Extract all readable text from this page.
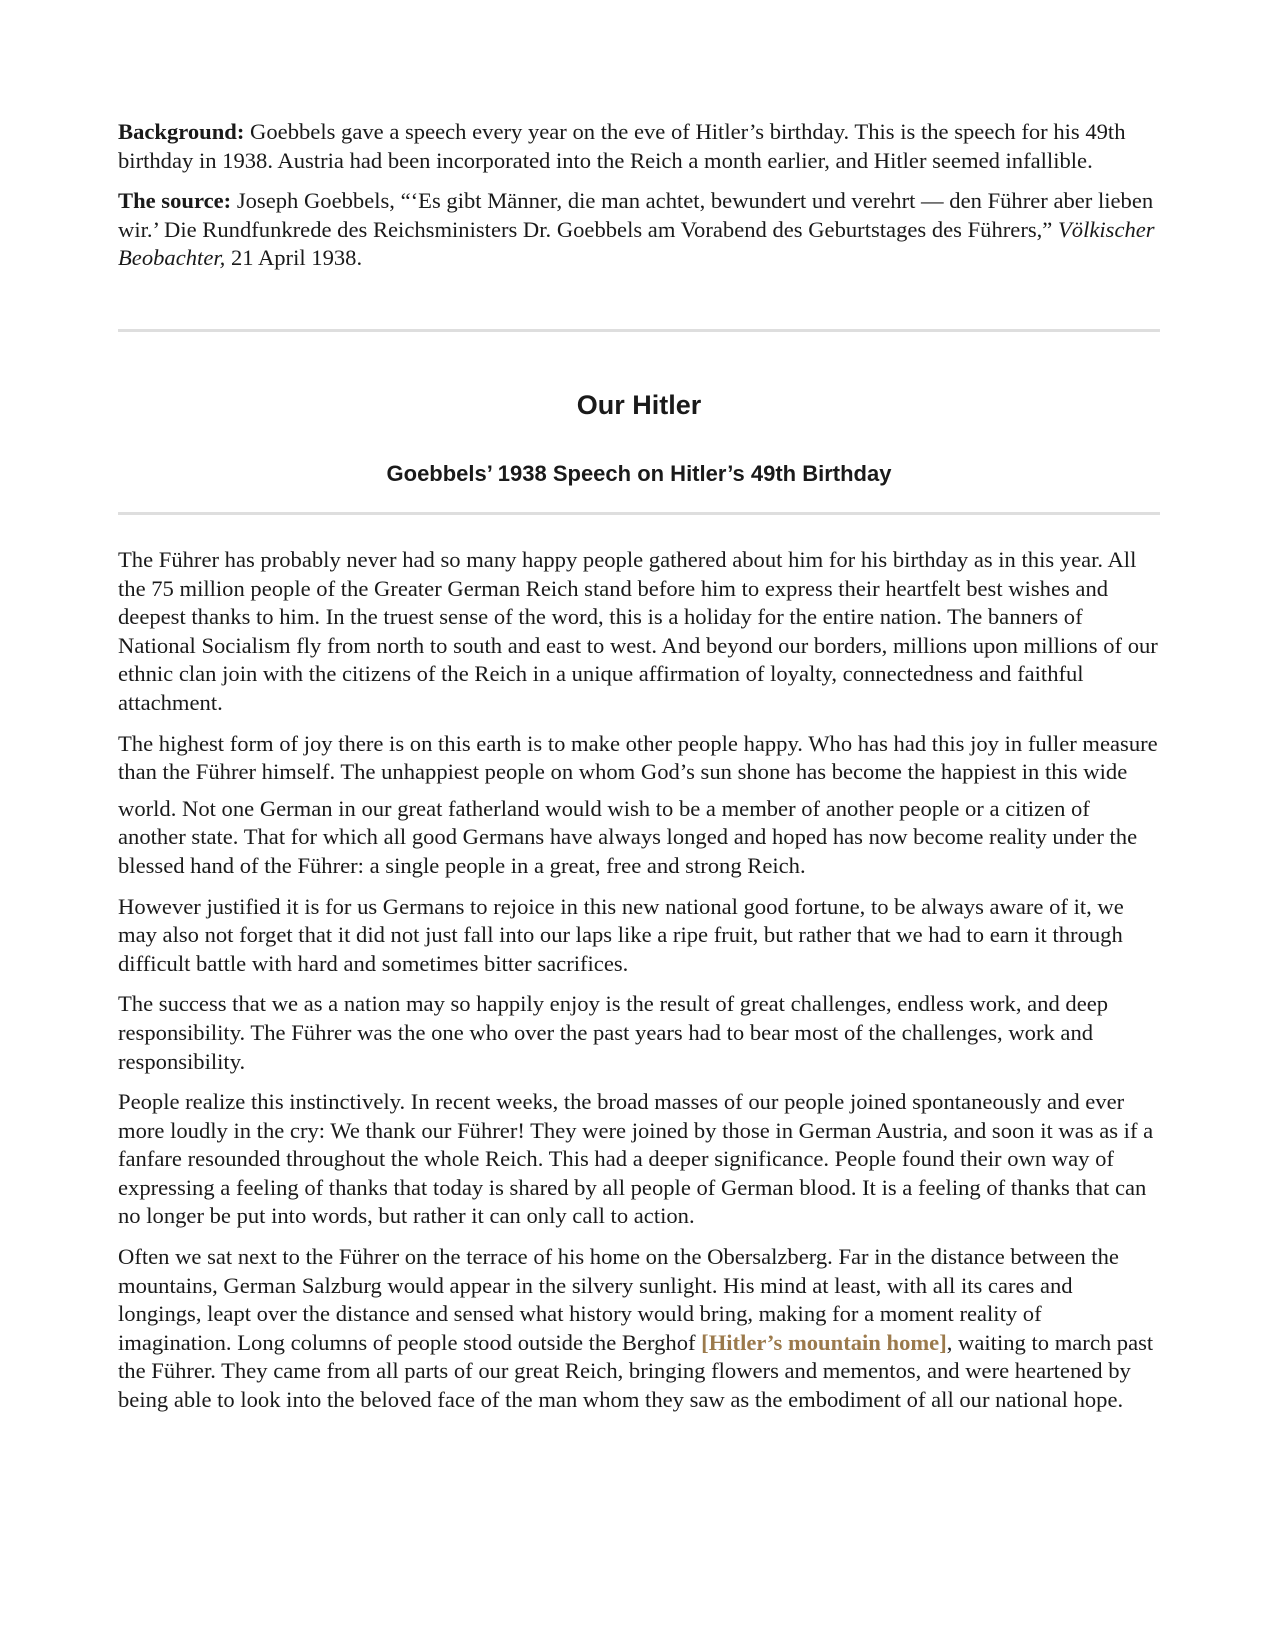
Background: Goebbels gave a speech every year on the eve of Hitler’s birthday. This is the speech for his 49th birthday in 1938. Austria had been incorporated into the Reich a month earlier, and Hitler seemed infallible.

The source: Joseph Goebbels, “‘Es gibt Männer, die man achtet, bewundert und verehrt — den Führer aber lieben wir.’ Die Rundfunkrede des Reichsministers Dr. Goebbels am Vorabend des Geburtstages des Führers,” Völkischer Beobachter, 21 April 1938.

Our Hitler
Goebbels’ 1938 Speech on Hitler’s 49th Birthday

The Führer has probably never had so many happy people gathered about him for his birthday as in this year. All the 75 million people of the Greater German Reich stand before him to express their heartfelt best wishes and deepest thanks to him. In the truest sense of the word, this is a holiday for the entire nation. The banners of National Socialism fly from north to south and east to west. And beyond our borders, millions upon millions of our ethnic clan join with the citizens of the Reich in a unique affirmation of loyalty, connectedness and faithful attachment.

The highest form of joy there is on this earth is to make other people happy. Who has had this joy in fuller measure than the Führer himself. The unhappiest people on whom God’s sun shone has become the happiest in this wide

world. Not one German in our great fatherland would wish to be a member of another people or a citizen of another state. That for which all good Germans have always longed and hoped has now become reality under the blessed hand of the Führer: a single people in a great, free and strong Reich.

However justified it is for us Germans to rejoice in this new national good fortune, to be always aware of it, we may also not forget that it did not just fall into our laps like a ripe fruit, but rather that we had to earn it through difficult battle with hard and sometimes bitter sacrifices.

The success that we as a nation may so happily enjoy is the result of great challenges, endless work, and deep responsibility. The Führer was the one who over the past years had to bear most of the challenges, work and responsibility.

People realize this instinctively. In recent weeks, the broad masses of our people joined spontaneously and ever more loudly in the cry: We thank our Führer! They were joined by those in German Austria, and soon it was as if a fanfare resounded throughout the whole Reich. This had a deeper significance. People found their own way of expressing a feeling of thanks that today is shared by all people of German blood. It is a feeling of thanks that can no longer be put into words, but rather it can only call to action.

Often we sat next to the Führer on the terrace of his home on the Obersalzberg. Far in the distance between the mountains, German Salzburg would appear in the silvery sunlight. His mind at least, with all its cares and longings, leapt over the distance and sensed what history would bring, making for a moment reality of imagination. Long columns of people stood outside the Berghof [Hitler’s mountain home], waiting to march past the Führer. They came from all parts of our great Reich, bringing flowers and mementos, and were heartened by being able to look into the beloved face of the man whom they saw as the embodiment of all our national hope.
